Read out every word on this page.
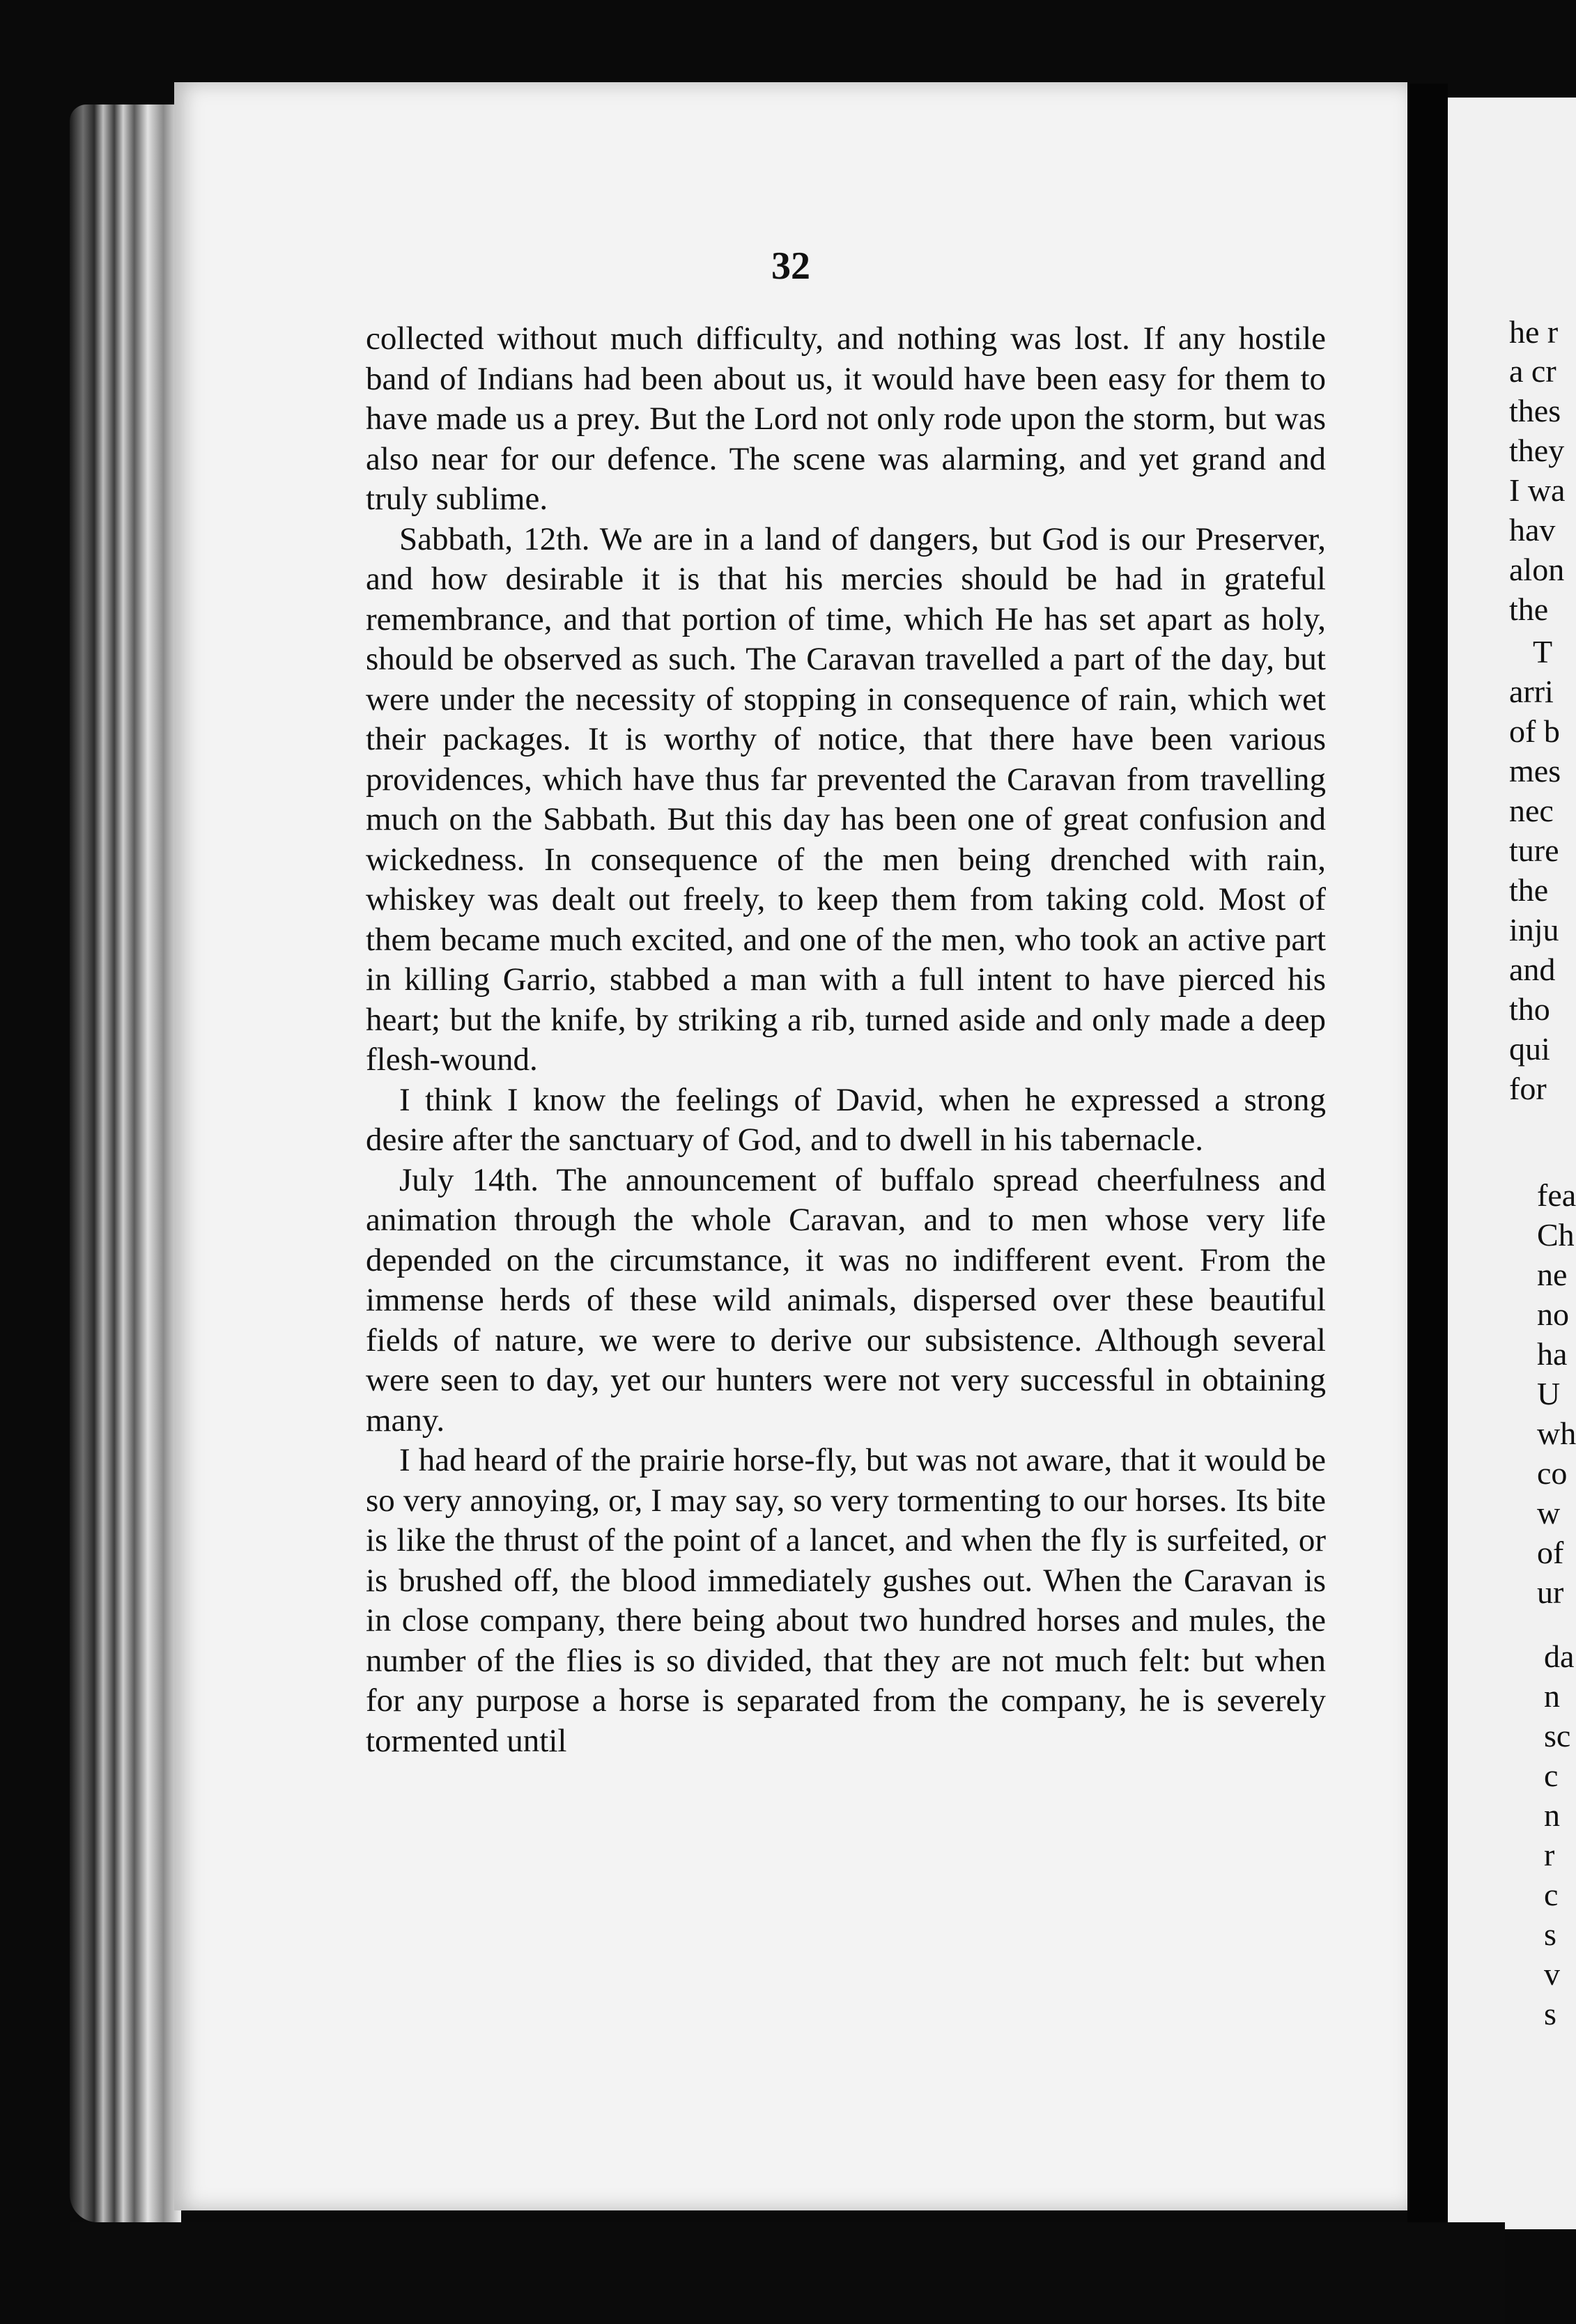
32

collected without much difficulty, and nothing was lost. If any hostile band of Indians had been about us, it would have been easy for them to have made us a prey. But the Lord not only rode upon the storm, but was also near for our defence. The scene was alarming, and yet grand and truly sublime.

Sabbath, 12th. We are in a land of dangers, but God is our Preserver, and how desirable it is that his mercies should be had in grateful remembrance, and that portion of time, which He has set apart as holy, should be observed as such. The Caravan travelled a part of the day, but were under the necessity of stopping in consequence of rain, which wet their packages. It is worthy of notice, that there have been various providences, which have thus far prevented the Caravan from travelling much on the Sabbath. But this day has been one of great confusion and wickedness. In consequence of the men being drenched with rain, whiskey was dealt out freely, to keep them from taking cold. Most of them became much excited, and one of the men, who took an active part in killing Garrio, stabbed a man with a full intent to have pierced his heart; but the knife, by striking a rib, turned aside and only made a deep flesh-wound.

I think I know the feelings of David, when he expressed a strong desire after the sanctuary of God, and to dwell in his tabernacle.

July 14th. The announcement of buffalo spread cheerfulness and animation through the whole Caravan, and to men whose very life depended on the circumstance, it was no indifferent event. From the immense herds of these wild animals, dispersed over these beautiful fields of nature, we were to derive our subsistence. Although several were seen to day, yet our hunters were not very successful in obtaining many.

I had heard of the prairie horse-fly, but was not aware, that it would be so very annoying, or, I may say, so very tormenting to our horses. Its bite is like the thrust of the point of a lancet, and when the fly is surfeited, or is brushed off, the blood immediately gushes out. When the Caravan is in close company, there being about two hundred horses and mules, the number of the flies is so divided, that they are not much felt: but when for any purpose a horse is separated from the company, he is severely tormented until

he r
a cr
thes
they
I wa
hav
alon
the
T
arri
of b
mes
nec
ture
the
inju
and
tho
qui
for
fea
Ch
ne
no
ha
U
wh
co
w
of
ur
da
n
sc
c
n
r
c
s
v
s
